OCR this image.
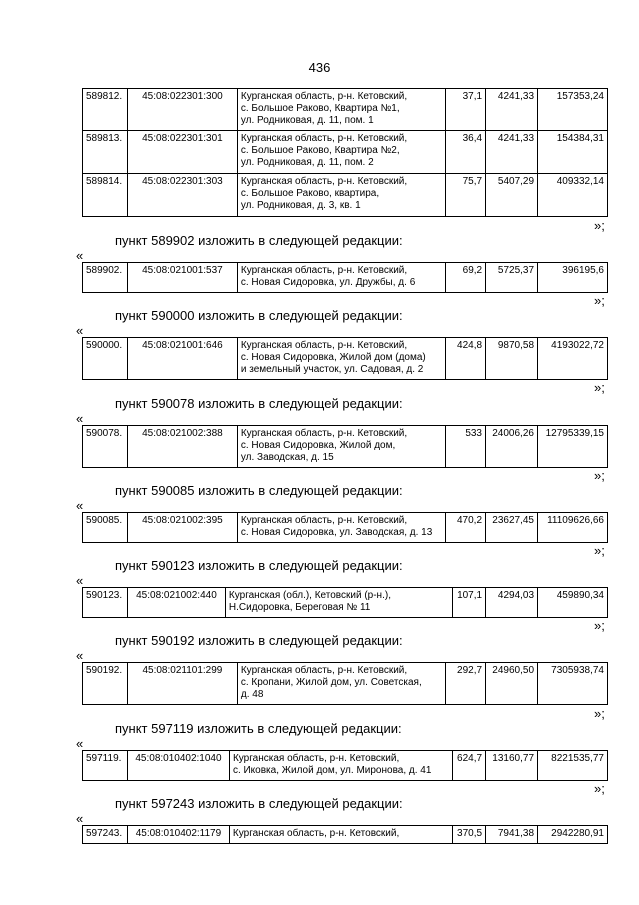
436
589812.	45:08:022301:300	Курганская область, р-н. Кетовский,
с. Большое Раково, Квартира №1,
ул. Родниковая, д. 11, пом. 1	37,1	4241,33	157353,24
589813.	45:08:022301:301	Курганская область, р-н. Кетовский,
с. Большое Раково, Квартира №2,
ул. Родниковая, д. 11, пом. 2	36,4	4241,33	154384,31
589814.	45:08:022301:303	Курганская область, р-н. Кетовский,
с. Большое Раково, квартира,
ул. Родниковая, д. 3, кв. 1	75,7	5407,29	409332,14
»;
пункт 589902 изложить в следующей редакции:
«
589902.	45:08:021001:537	Курганская область, р-н. Кетовский,
с. Новая Сидоровка, ул. Дружбы, д. 6
	69,2	5725,37	396195,6
»;
пункт 590000 изложить в следующей редакции:
«
590000.	45:08:021001:646	Курганская область, р-н. Кетовский,
с. Новая Сидоровка, Жилой дом (дома)
и земельный участок, ул. Садовая, д. 2
	424,8	9870,58	4193022,72
»;
пункт 590078 изложить в следующей редакции:
«
590078.	45:08:021002:388	Курганская область, р-н. Кетовский,
с. Новая Сидоровка, Жилой дом,
ул. Заводская, д. 15
	533	24006,26	12795339,15
»;
пункт 590085 изложить в следующей редакции:
«
590085.	45:08:021002:395	Курганская область, р-н. Кетовский,
с. Новая Сидоровка, ул. Заводская, д. 13
	470,2	23627,45	11109626,66
»;
пункт 590123 изложить в следующей редакции:
«
590123.	45:08:021002:440	Курганская (обл.), Кетовский (р-н.),
Н.Сидоровка, Береговая № 11
	107,1	4294,03	459890,34
»;
пункт 590192 изложить в следующей редакции:
«
590192.	45:08:021101:299	Курганская область, р-н. Кетовский,
с. Кропани, Жилой дом, ул. Советская,
д. 48
	292,7	24960,50	7305938,74
»;
пункт 597119 изложить в следующей редакции:
«
597119.	45:08:010402:1040	Курганская область, р-н. Кетовский,
с. Иковка, Жилой дом, ул. Миронова, д. 41
	624,7	13160,77	8221535,77
»;
пункт 597243 изложить в следующей редакции:
«
597243.	45:08:010402:1179	Курганская область, р-н. Кетовский,	370,5	7941,38	2942280,91
